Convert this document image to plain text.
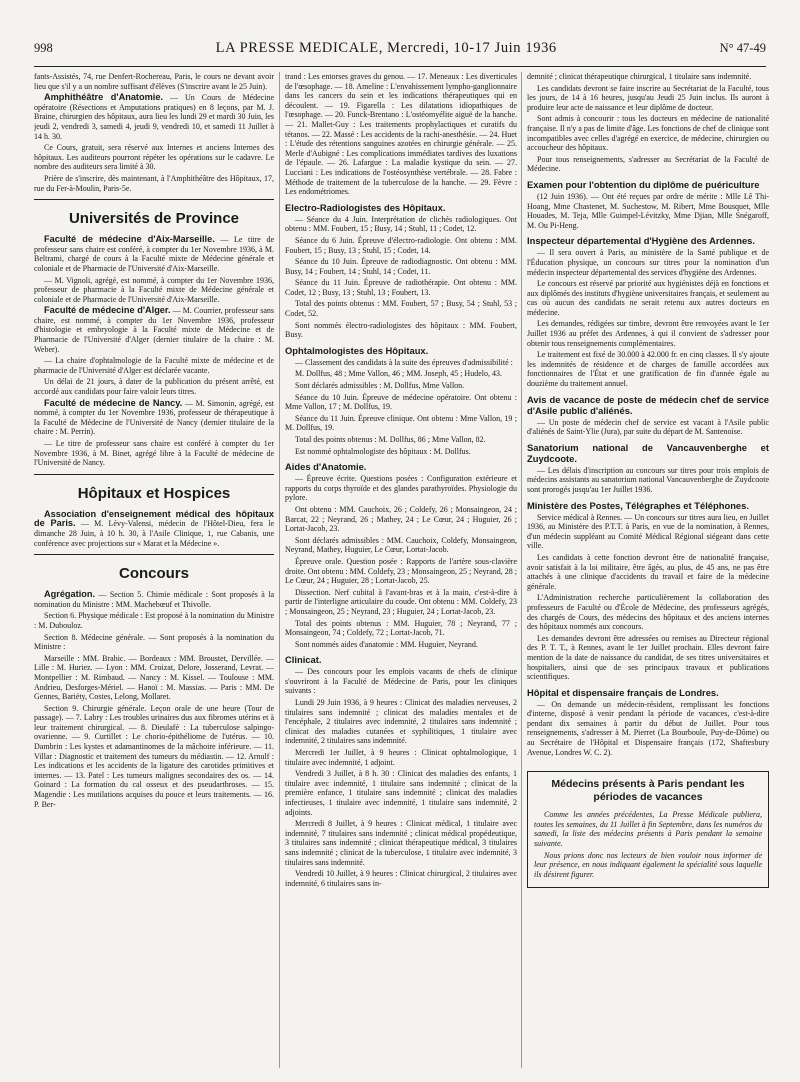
998	LA PRESSE MEDICALE, Mercredi, 10-17 Juin 1936	N° 47-49

fants-Assistés, 74, rue Denfert-Rochereau, Paris, le cours ne devant avoir lieu que s'il y a un nombre suffisant d'élèves (S'inscrire avant le 25 Juin).

Amphithéâtre d'Anatomie. — Un Cours de Médecine opératoire (Résections et Amputations pratiques) en 8 leçons, par M. J. Braine, chirurgien des hôpitaux, aura lieu les lundi 29 et mardi 30 Juin, les jeudi 2, vendredi 3, samedi 4, jeudi 9, vendredi 10, et samedi 11 Juillet à 14 h. 30.

Ce Cours, gratuit, sera réservé aux Internes et anciens Internes des hôpitaux. Les auditeurs pourront répéter les opérations sur le cadavre. Le nombre des auditeurs sera limité à 30.

Prière de s'inscrire, dès maintenant, à l'Amphithéâtre des Hôpitaux, 17, rue du Fer-à-Moulin, Paris-5e.

Universités de Province

Faculté de médecine d'Aix-Marseille. — Le titre de professeur sans chaire est conféré, à compter du 1er Novembre 1936, à M. Beltrami, chargé de cours à la Faculté mixte de Médecine générale et coloniale et de Pharmacie de l'Université d'Aix-Marseille.

— M. Vignoli, agrégé, est nommé, à compter du 1er Novembre 1936, professeur de pharmacie à la Faculté mixte de Médecine générale et coloniale et de Pharmacie de l'Université d'Aix-Marseille.

Faculté de médecine d'Alger. — M. Courrier, professeur sans chaire, est nommé, à compter du 1er Novembre 1936, professeur d'histologie et embryologie à la Faculté mixte de Médecine et de Pharmacie de l'Université d'Alger (dernier titulaire de la chaire : M. Weber).

— La chaire d'ophtalmologie de la Faculté mixte de médecine et de pharmacie de l'Université d'Alger est déclarée vacante.

Un délai de 21 jours, à dater de la publication du présent arrêté, est accordé aux candidats pour faire valoir leurs titres.

Faculté de médecine de Nancy. — M. Simonin, agrégé, est nommé, à compter du 1er Novembre 1936, professeur de thérapeutique à la Faculté de Médecine de l'Université de Nancy (dernier titulaire de la chaire : M. Perrin).

— Le titre de professeur sans chaire est conféré à compter du 1er Novembre 1936, à M. Binet, agrégé libre à la Faculté de médecine de l'Université de Nancy.

Hôpitaux et Hospices

Association d'enseignement médical des hôpitaux de Paris. — M. Lévy-Valensi, médecin de l'Hôtel-Dieu, fera le dimanche 28 Juin, à 10 h. 30, à l'Asile Clinique, 1, rue Cabanis, une conférence avec projections sur « Marat et la Médecine ».

Concours

Agrégation. — Section 5. Chimie médicale : Sont proposés à la nomination du Ministre : MM. Machebœuf et Thivolle.

Section 6. Physique médicale : Est proposé à la nomination du Ministre : M. Dubouloz.

Section 8. Médecine générale. — Sont proposés à la nomination du Ministre :

Marseille : MM. Brahic. — Bordeaux : MM. Broustet, Dervillée. — Lille : M. Huriez. — Lyon : MM. Croizat, Delore, Josserand, Levrat. — Montpellier : M. Rimbaud. — Nancy : M. Kissel. — Toulouse : MM. Andrieu, Desforges-Mériel. — Hanoï : M. Massias. — Paris : MM. De Gennes, Bariéty, Costes, Lelong, Mollaret.

Section 9. Chirurgie générale. Leçon orale de une heure (Tour de passage). — 7. Labry : Les troubles urinaires dus aux fibromes utérins et à leur traitement chirurgical. — 8. Dieulafé : La tuberculose salpingo-ovarienne. — 9. Curtillet : Le chorio-épithéliome de l'utérus. — 10. Dambrin : Les kystes et adamantinomes de la mâchoire inférieure. — 11. Villar : Diagnostic et traitement des tumeurs du médiastin. — 12. Arnulf : Les indications et les accidents de la ligature des carotides primitives et internes. — 13. Patel : Les tumeurs malignes secondaires des os. — 14. Goinard : La formation du cal osseux et des pseudarthroses. — 15. Magendie : Les mutilations acquises du pouce et leurs traitements. — 16. P. Ber-

trand : Les entorses graves du genou. — 17. Meneaux : Les diverticules de l'œsophage. — 18. Ameline : L'envahissement lympho-ganglionnaire dans les cancers du sein et les indications thérapeutiques qui en découlent. — 19. Figarella : Les dilatations idiopathiques de l'œsophage. — 20. Funck-Brentano : L'ostéomyélite aiguë de la hanche. — 21. Mallet-Guy : Les traitements prophylactiques et curatifs du tétanos. — 22. Massé : Les accidents de la rachi-anesthésie. — 24. Huet : L'étude des rétentions sanguines azotées en chirurgie générale. — 25. Merle d'Aubigné : Les complications immédiates tardives des luxations de l'épaule. — 26. Lafargue : La maladie kystique du sein. — 27. Lucciani : Les indications de l'ostéosynthèse vertébrale. — 28. Fabre : Méthode de traitement de la tuberculose de la hanche. — 29. Fèvre : Les endométriomes.

Electro-Radiologistes des Hôpitaux.

— Séance du 4 Juin. Interprétation de clichés radiologiques. Ont obtenu : MM. Foubert, 15 ; Busy, 14 ; Stuhl, 11 ; Codet, 12.

Séance du 6 Juin. Épreuve d'électro-radiologie. Ont obtenu : MM. Foubert, 15 ; Busy, 13 ; Stuhl, 15 ; Codet, 14.

Séance du 10 Juin. Épreuve de radiodiagnostic. Ont obtenu : MM. Busy, 14 ; Foubert, 14 ; Stuhl, 14 ; Codet, 11.

Séance du 11 Juin. Épreuve de radiothérapie. Ont obtenu : MM. Codet, 12 ; Busy, 13 ; Stuhl, 13 ; Foubert, 13.

Total des points obtenus : MM. Foubert, 57 ; Busy, 54 ; Stuhl, 53 ; Codet, 52.

Sont nommés électro-radiologistes des hôpitaux : MM. Foubert, Busy.

Ophtalmologistes des Hôpitaux.

— Classement des candidats à la suite des épreuves d'admissibilité :

M. Dollfus, 48 ; Mme Vallon, 46 ; MM. Joseph, 45 ; Hudelo, 43.

Sont déclarés admissibles : M. Dollfus, Mme Vallon.

Séance du 10 Juin. Épreuve de médecine opératoire. Ont obtenu : Mme Vallon, 17 ; M. Dollfus, 19.

Séance du 11 Juin. Épreuve clinique. Ont obtenu : Mme Vallon, 19 ; M. Dollfus, 19.

Total des points obtenus : M. Dollfus, 86 ; Mme Vallon, 82.

Est nommé ophtalmologiste des hôpitaux : M. Dollfus.

Aides d'Anatomie.

— Épreuve écrite. Questions posées : Configuration extérieure et rapports du corps thyroïde et des glandes parathyroïdes. Physiologie du pylore.

Ont obtenu : MM. Cauchoix, 26 ; Coldefy, 26 ; Monsaingeon, 24 ; Barcat, 22 ; Neyrand, 26 ; Mathey, 24 ; Le Cœur, 24 ; Huguier, 26 ; Lortat-Jacob, 23.

Sont déclarés admissibles : MM. Cauchoix, Coldefy, Monsaingeon, Neyrand, Mathey, Huguier, Le Cœur, Lortat-Jacob.

Épreuve orale. Question posée : Rapports de l'artère sous-clavière droite. Ont obtenu : MM. Coldefy, 23 ; Monsaingeon, 25 ; Neyrand, 28 ; Le Cœur, 24 ; Huguier, 28 ; Lortat-Jacob, 25.

Dissection. Nerf cubital à l'avant-bras et à la main, c'est-à-dire à partir de l'interligne articulaire du coude. Ont obtenu : MM. Coldefy, 23 ; Monsaingeon, 25 ; Neyrand, 23 ; Huguier, 24 ; Lortat-Jacob, 23.

Total des points obtenus : MM. Huguier, 78 ; Neyrand, 77 ; Monsaingeon, 74 ; Coldefy, 72 ; Lortat-Jacob, 71.

Sont nommés aides d'anatomie : MM. Huguier, Neyrand.

Clinicat.

— Des concours pour les emplois vacants de chefs de clinique s'ouvriront à la Faculté de Médecine de Paris, pour les cliniques suivants :

Lundi 29 Juin 1936, à 9 heures : Clinicat des maladies nerveuses, 2 titulaires sans indemnité ; clinicat des maladies mentales et de l'encéphale, 2 titulaires avec indemnité, 2 titulaires sans indemnité ; clinicat des maladies cutanées et syphilitiques, 1 titulaire avec indemnité, 2 titulaires sans indemnité.

Mercredi 1er Juillet, à 9 heures : Clinicat ophtalmologique, 1 titulaire avec indemnité, 1 adjoint.

Vendredi 3 Juillet, à 8 h. 30 : Clinicat des maladies des enfants, 1 titulaire avec indemnité, 1 titulaire sans indemnité ; clinicat de la première enfance, 1 titulaire sans indemnité ; clinicat des maladies infectieuses, 1 titulaire avec indemnité, 1 titulaire sans indemnité, 2 adjoints.

Mercredi 8 Juillet, à 9 heures : Clinicat médical, 1 titulaire avec indemnité, 7 titulaires sans indemnité ; clinicat médical propédeutique, 3 titulaires sans indemnité ; clinicat thérapeutique médical, 3 titulaires sans indemnité ; clinicat de la tuberculose, 1 titulaire avec indemnité, 3 titulaires sans indemnité.

Vendredi 10 Juillet, à 9 heures : Clinicat chirurgical, 2 titulaires avec indemnité, 6 titulaires sans in-

demnité ; clinicat thérapeutique chirurgical, 1 titulaire sans indemnité.

Les candidats devront se faire inscrire au Secrétariat de la Faculté, tous les jours, de 14 à 16 heures, jusqu'au Jeudi 25 Juin inclus. Ils auront à produire leur acte de naissance et leur diplôme de docteur.

Sont admis à concourir : tous les docteurs en médecine de nationalité française. Il n'y a pas de limite d'âge. Les fonctions de chef de clinique sont incompatibles avec celles d'agrégé en exercice, de médecine, chirurgien ou accoucheur des hôpitaux.

Pour tous renseignements, s'adresser au Secrétariat de la Faculté de Médecine.

Examen pour l'obtention du diplôme de puériculture

(12 Juin 1936). — Ont été reçues par ordre de mérite : Mlle Lê Thi-Hoang, Mme Chastenet, M. Suchestow, M. Ribert, Mme Bousquet, Mlle Houades, M. Teja, Mlle Guimpel-Lévitzky, Mme Djian, Mlle Snégaroff, M. Ou Pi-Heng.

Inspecteur départemental d'Hygiène des Ardennes.

— Il sera ouvert à Paris, au ministère de la Santé publique et de l'Éducation physique, un concours sur titres pour la nomination d'un médecin inspecteur départemental des services d'hygiène des Ardennes.

Le concours est réservé par priorité aux hygiénistes déjà en fonctions et aux diplômés des instituts d'hygiène universitaires français, et seulement au cas où aucun des candidats ne serait retenu aux autres docteurs en médecine.

Les demandes, rédigées sur timbre, devront être renvoyées avant le 1er Juillet 1936 au préfet des Ardennes, à qui il convient de s'adresser pour obtenir tous renseignements complémentaires.

Le traitement est fixé de 30.000 à 42.000 fr. en cinq classes. Il s'y ajoute les indemnités de résidence et de charges de famille accordées aux fonctionnaires de l'État et une gratification de fin d'année égale au douzième du traitement annuel.

Avis de vacance de poste de médecin chef de service d'Asile public d'aliénés.

— Un poste de médecin chef de service est vacant à l'Asile public d'aliénés de Saint-Ylie (Jura), par suite du départ de M. Santenoise.

Sanatorium national de Vancauvenberghe et Zuydcoote.

— Les délais d'inscription au concours sur titres pour trois emplois de médecins assistants au sanatorium national Vancauvenberghe de Zuydcoote sont prorogés jusqu'au 1er Juillet 1936.

Ministère des Postes, Télégraphes et Téléphones.

Service médical à Rennes. — Un concours sur titres aura lieu, en Juillet 1936, au Ministère des P.T.T. à Paris, en vue de la nomination, à Rennes, d'un médecin suppléant au Comité Médical Régional siégeant dans cette ville.

Les candidats à cette fonction devront être de nationalité française, avoir satisfait à la loi militaire, être âgés, au plus, de 45 ans, ne pas être attachés à une clinique d'accidents du travail et faire de la médecine générale.

L'Administration recherche particulièrement la collaboration des professeurs de Faculté ou d'École de Médecine, des professeurs agrégés, des chargés de Cours, des médecins des hôpitaux et des anciens internes des hôpitaux nommés aux concours.

Les demandes devront être adressées ou remises au Directeur régional des P. T. T., à Rennes, avant le 1er Juillet prochain. Elles devront faire mention de la date de naissance du candidat, de ses titres universitaires et hospitaliers, ainsi que de ses principaux travaux et publications scientifiques.

Hôpital et dispensaire français de Londres.

— On demande un médecin-résident, remplissant les fonctions d'interne, disposé à venir pendant la période de vacances, c'est-à-dire pendant dix semaines à partir du début de Juillet. Pour tous renseignements, s'adresser à M. Pierret (La Bourboule, Puy-de-Dôme) ou au Secrétaire de l'Hôpital et Dispensaire français (172, Shaftesbury Avenue, Londres W. C. 2).

Médecins présents à Paris pendant les périodes de vacances

Comme les années précédentes, La Presse Médicale publiera, toutes les semaines, du 11 Juillet à fin Septembre, dans les numéros du samedi, la liste des médecins présents à Paris pendant la semaine suivante.

Nous prions donc nos lecteurs de bien vouloir nous informer de leur présence, en nous indiquant également la spécialité sous laquelle ils désirent figurer.
